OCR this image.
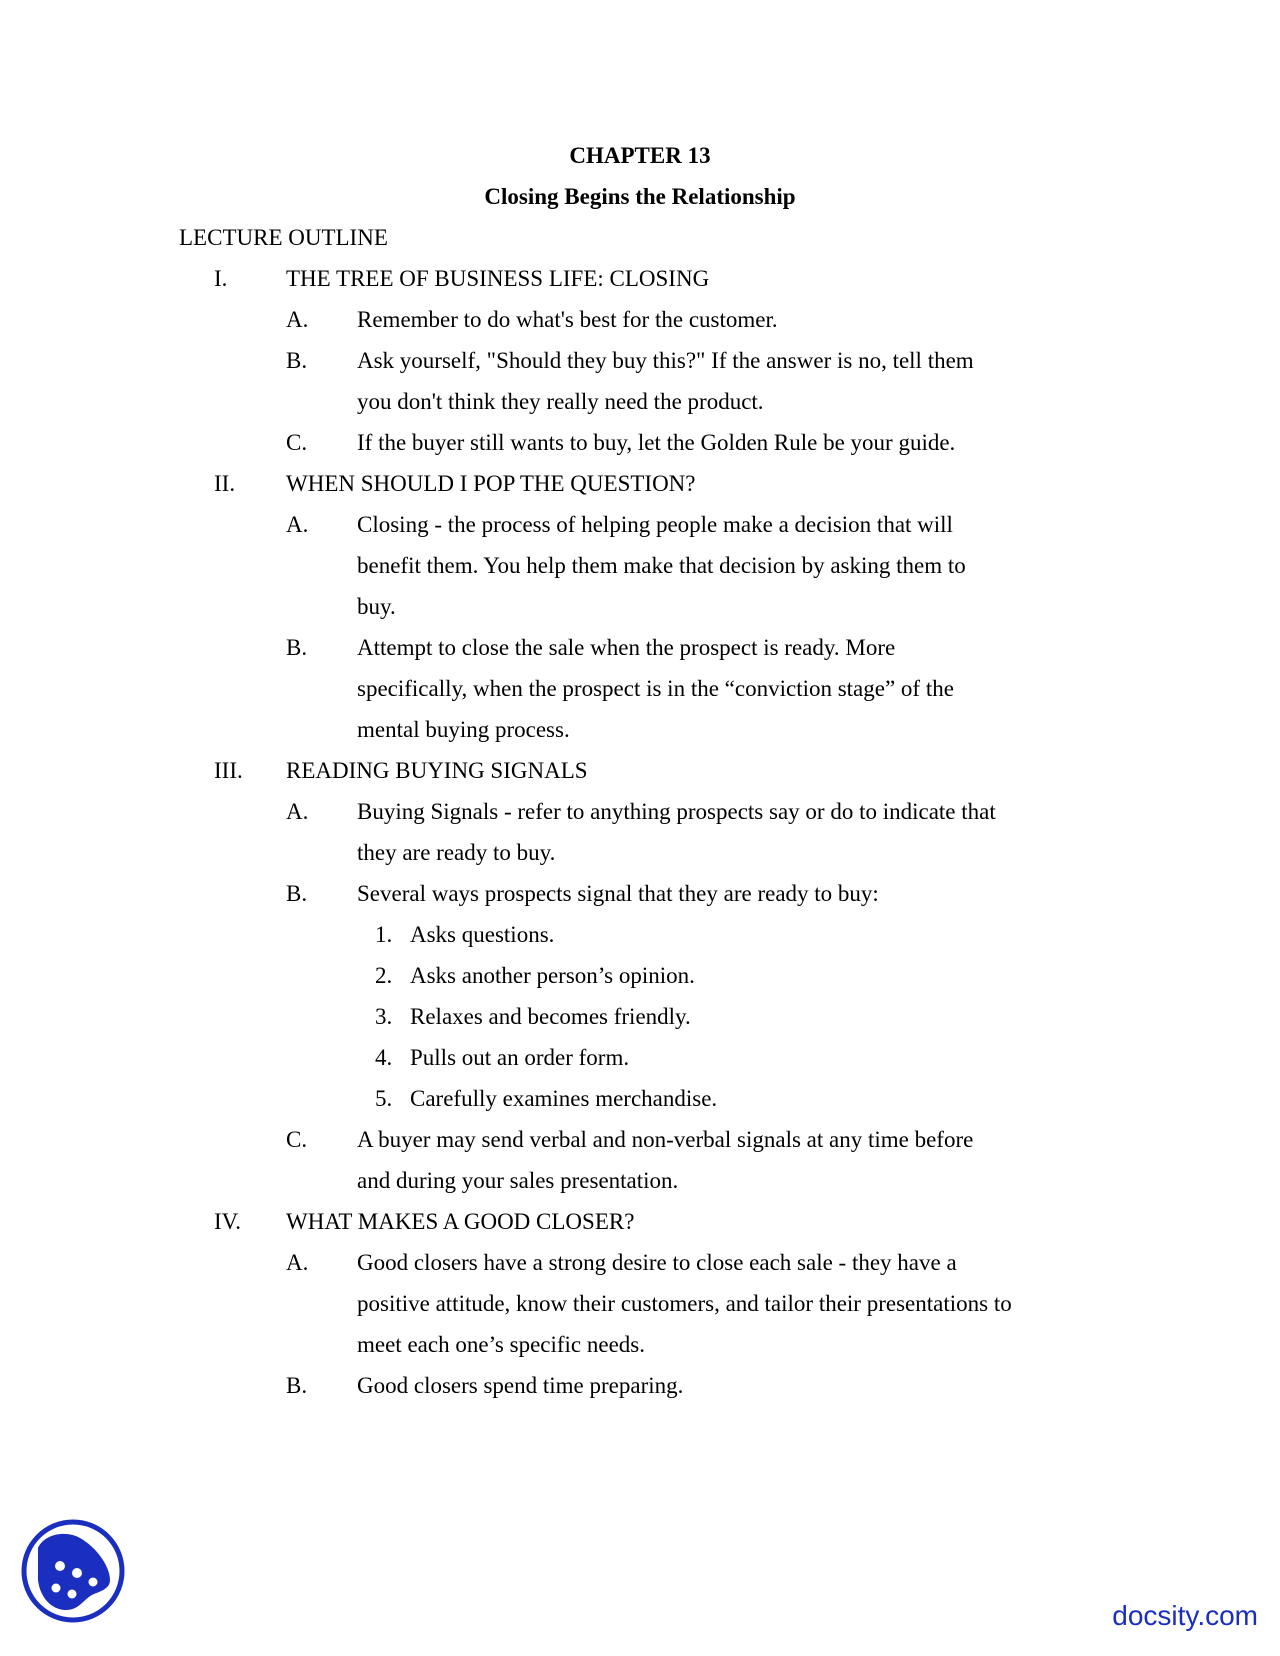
CHAPTER 13
Closing Begins the Relationship
LECTURE OUTLINE
I.	THE TREE OF BUSINESS LIFE: CLOSING
A. Remember to do what's best for the customer.
B. Ask yourself, "Should they buy this?" If the answer is no, tell them
you don't think they really need the product.
C. If the buyer still wants to buy, let the Golden Rule be your guide.
II. WHEN SHOULD I POP THE QUESTION?
A. Closing - the process of helping people make a decision that will
benefit them. You help them make that decision by asking them to
buy.
B. Attempt to close the sale when the prospect is ready. More
specifically, when the prospect is in the “conviction stage” of the
mental buying process.
III. READING BUYING SIGNALS
A. Buying Signals - refer to anything prospects say or do to indicate that
they are ready to buy.
B. Several ways prospects signal that they are ready to buy:
1. Asks questions.
2. Asks another person’s opinion.
3. Relaxes and becomes friendly.
4. Pulls out an order form.
5. Carefully examines merchandise.
C. A buyer may send verbal and non-verbal signals at any time before
and during your sales presentation.
IV. WHAT MAKES A GOOD CLOSER?
A. Good closers have a strong desire to close each sale - they have a
positive attitude, know their customers, and tailor their presentations to
meet each one’s specific needs.
B. Good closers spend time preparing.
docsity.com
